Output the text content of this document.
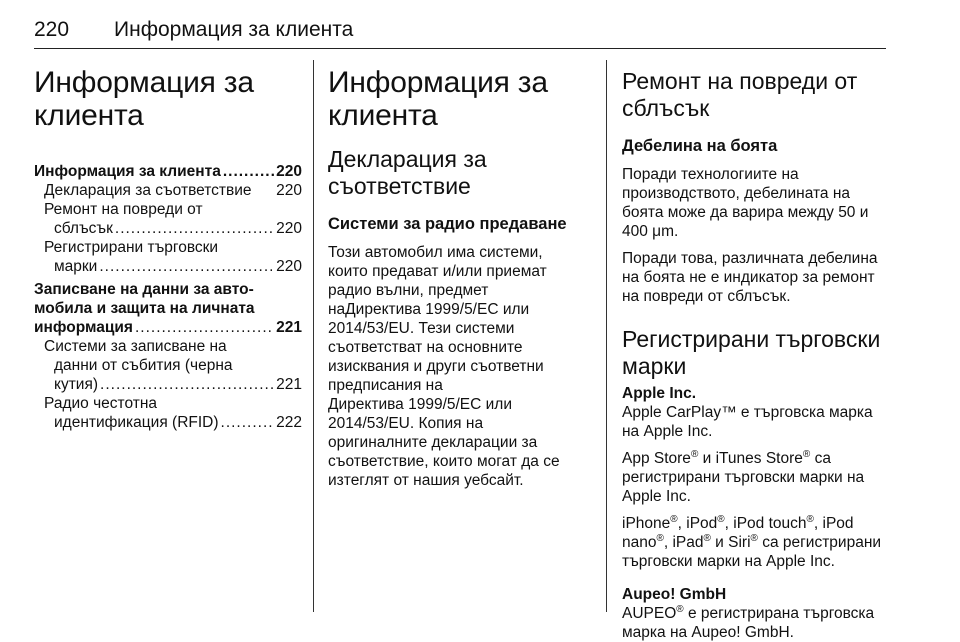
220 Информация за клиента
Информация за
клиента
Информация за клиента .....	220
Декларация за съответствие 220
Ремонт на повреди от
сблъсък .....	220
Регистрирани търговски
марки .....	220
Записване на данни за авто-
мобила и защита на личната
информация .....	221
Системи за записване на
данни от събития (черна
кутия) .....	221
Радио честотна
идентификация (RFID) .....	222
Информация за
клиента
Декларация за
съответствие
Системи за радио предаване
Този автомобил има системи,
които предават и/или приемат
радио вълни, предмет
наДиректива 1999/5/ЕС или
2014/53/EU. Тези системи
съответстват на основните
изисквания и други съответни
предписания на
Директива 1999/5/ЕС или
2014/53/EU. Копия на
оригиналните декларации за
съответствие, които могат да се
изтеглят от нашия уебсайт.
Ремонт на повреди от
сблъсък
Дебелина на боята
Поради технологиите на
производството, дебелината на
боята може да варира между 50 и
400 μm.
Поради това, различната дебелина
на боята не е индикатор за ремонт
на повреди от сблъсък.
Регистрирани търговски
марки
Apple Inc.
Apple CarPlay™ е търговска марка
на Apple Inc.
App Store® и iTunes Store® са
регистрирани търговски марки на
Apple Inc.
iPhone®, iPod®, iPod touch®, iPod
nano®, iPad® и Siri® са регистрирани
търговски марки на Apple Inc.
Aupeo! GmbH
AUPEO® е регистрирана търговска
марка на Aupeo! GmbH.
